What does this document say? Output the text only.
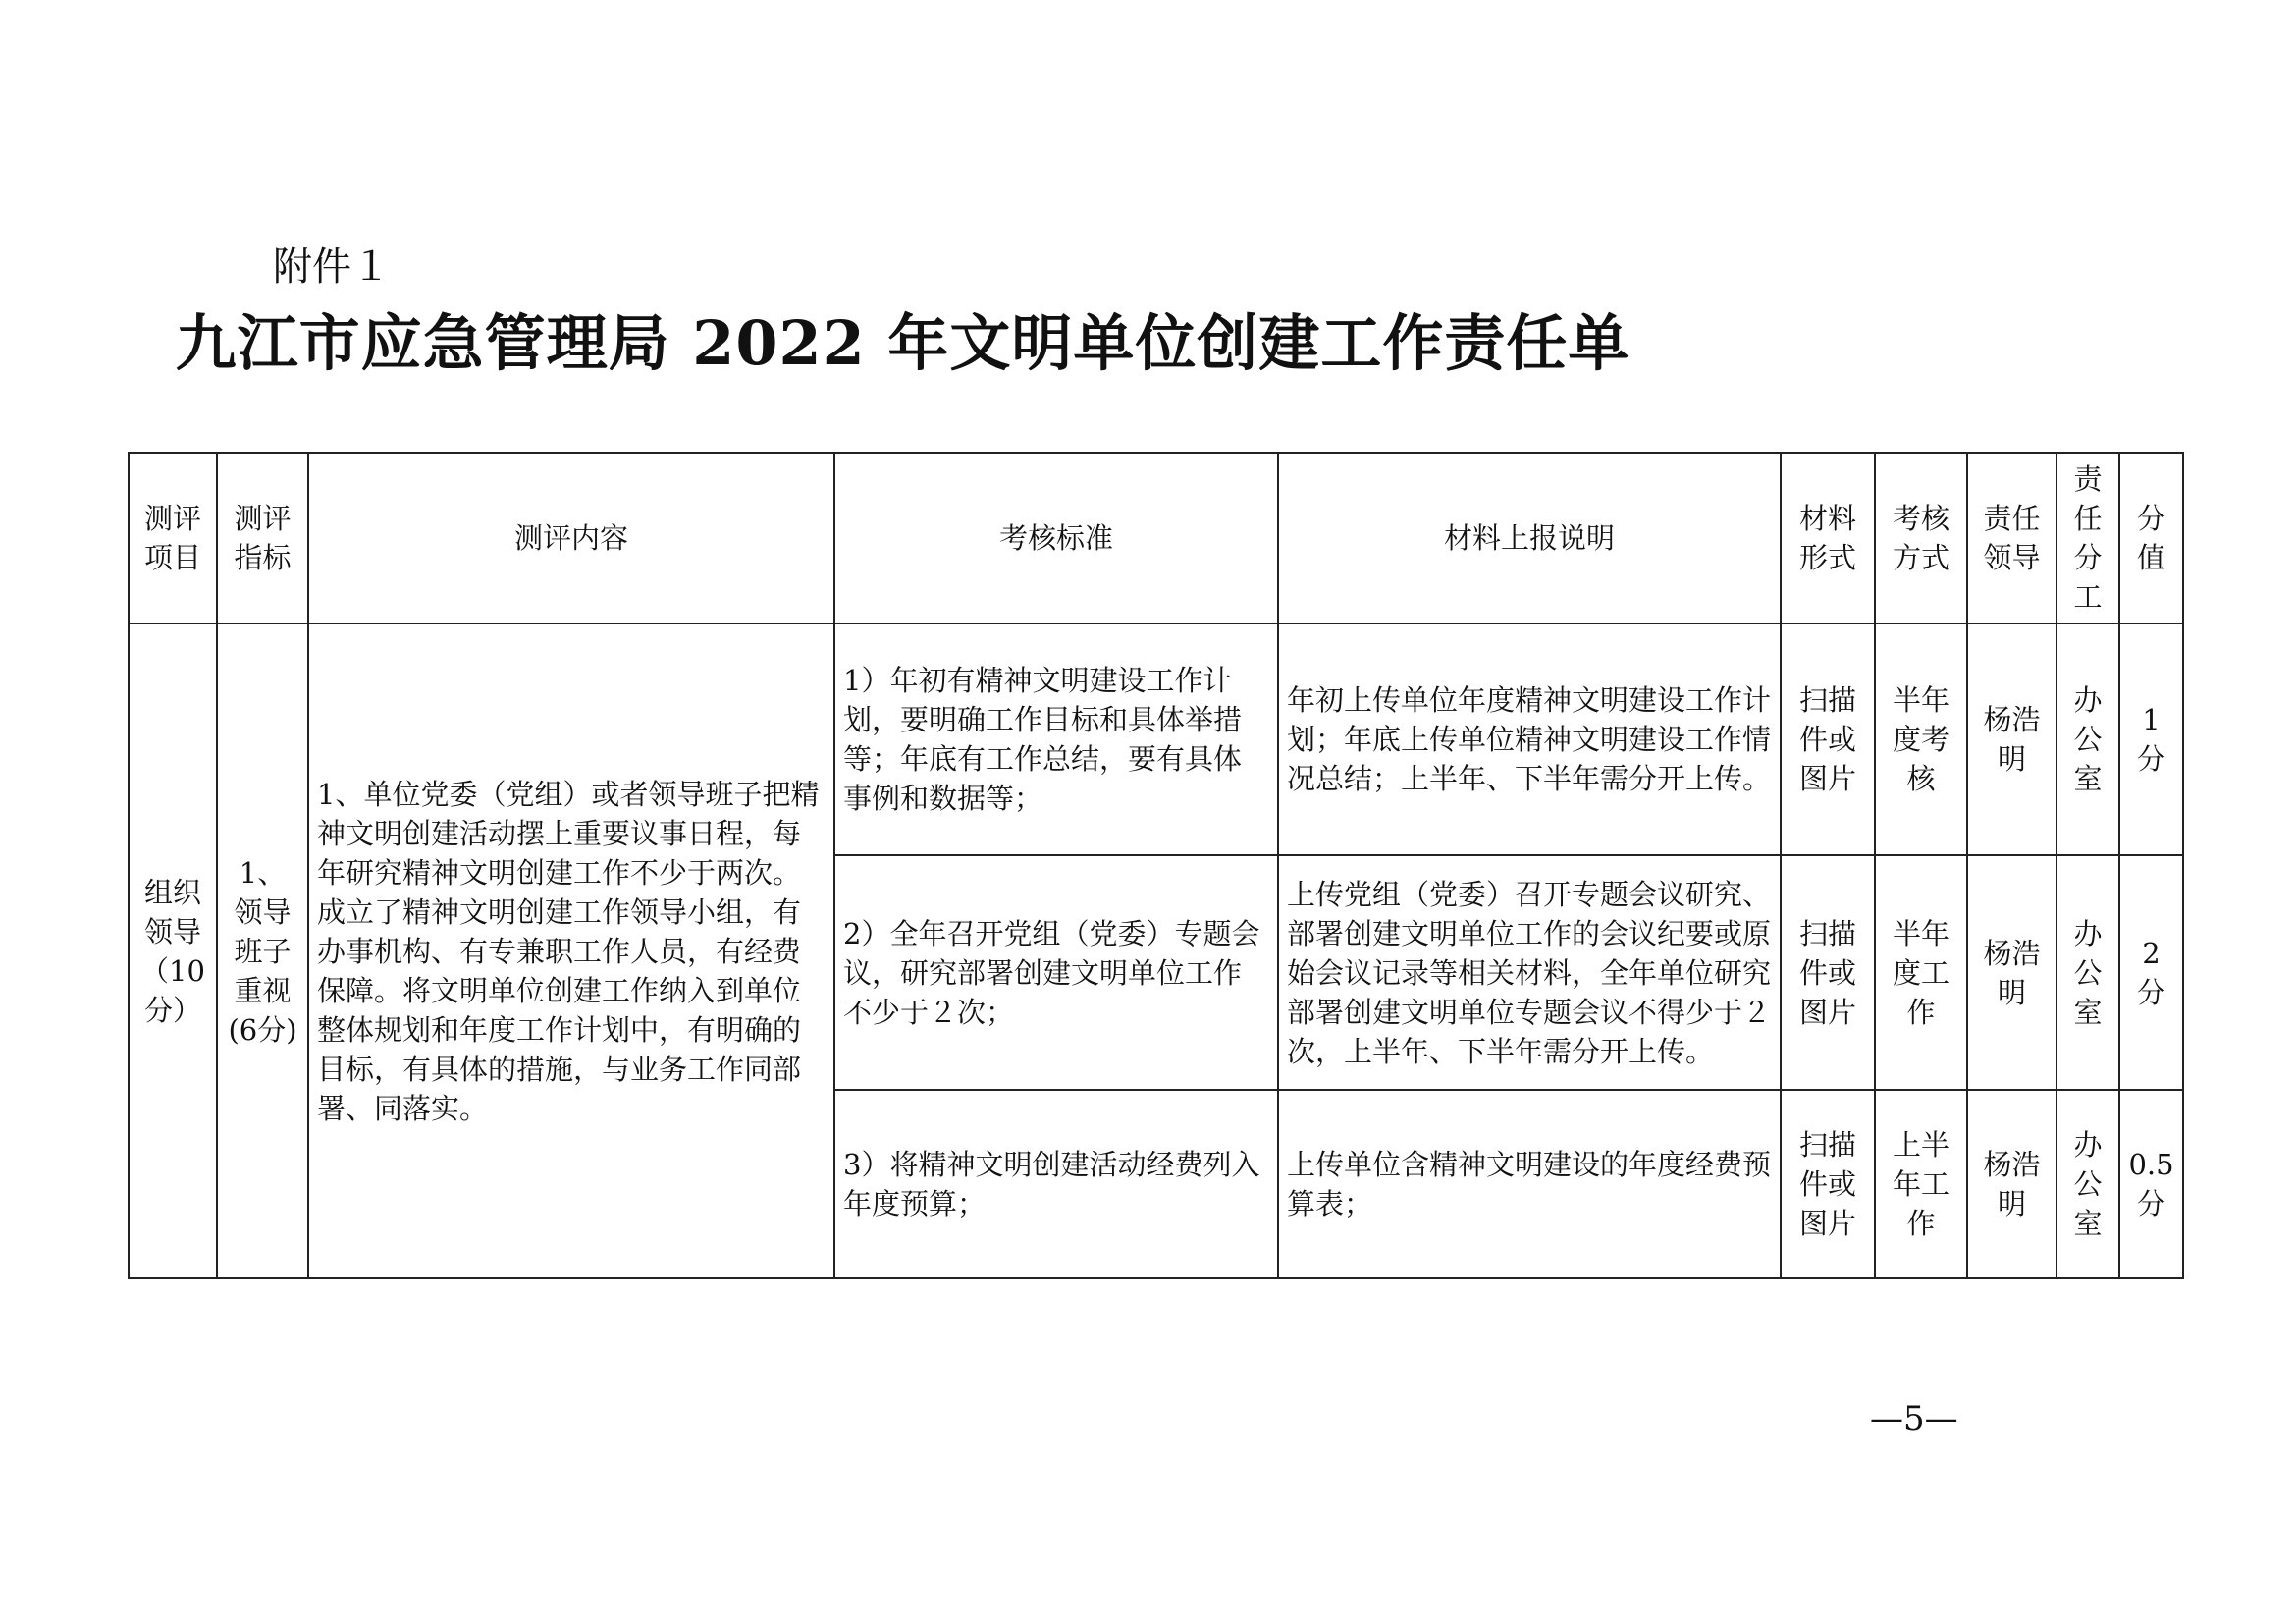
附件１
九江市应急管理局 2022 年文明单位创建工作责任单
测评项目	测评指标	测评内容	考核标准	材料上报说明	材料形式	考核方式	责任领导	责任分工	分值
组织领导（10分）	1、领导班子重视(6分)	1、单位党委（党组）或者领导班子把精神文明创建活动摆上重要议事日程，每年研究精神文明创建工作不少于两次。成立了精神文明创建工作领导小组，有办事机构、有专兼职工作人员，有经费保障。将文明单位创建工作纳入到单位整体规划和年度工作计划中，有明确的目标，有具体的措施，与业务工作同部署、同落实。	1）年初有精神文明建设工作计划，要明确工作目标和具体举措等；年底有工作总结，要有具体事例和数据等；	年初上传单位年度精神文明建设工作计划；年底上传单位精神文明建设工作情况总结；上半年、下半年需分开上传。	扫描件或图片	半年度考核	杨浩明	办公室	1分
			2）全年召开党组（党委）专题会议，研究部署创建文明单位工作不少于２次；	上传党组（党委）召开专题会议研究、部署创建文明单位工作的会议纪要或原始会议记录等相关材料，全年单位研究部署创建文明单位专题会议不得少于２次，上半年、下半年需分开上传。	扫描件或图片	半年度工作	杨浩明	办公室	2分
			3）将精神文明创建活动经费列入年度预算；	上传单位含精神文明建设的年度经费预算表；	扫描件或图片	上半年工作	杨浩明	办公室	0.5分
—5—
